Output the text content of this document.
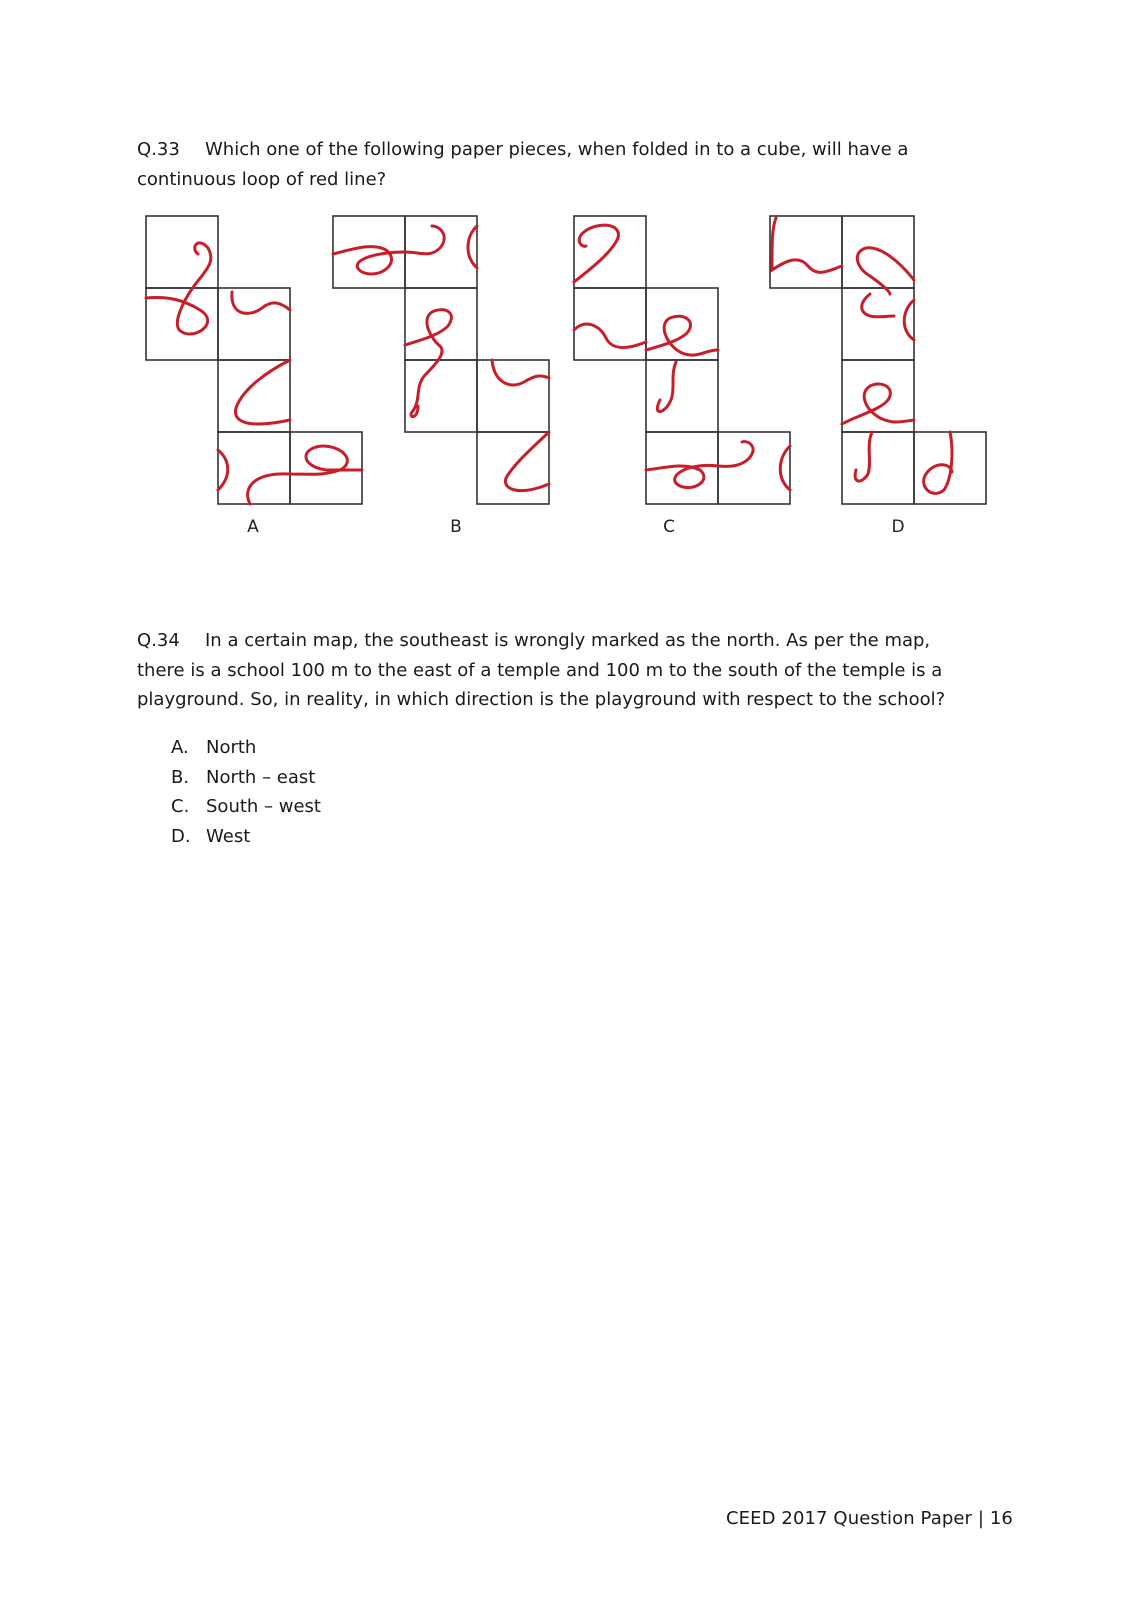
Q.33 Which one of the following paper pieces, when folded in to a cube, will have a continuous loop of red line?
A	B	C	D
Q.34 In a certain map, the southeast is wrongly marked as the north. As per the map, there is a school 100 m to the east of a temple and 100 m to the south of the temple is a playground. So, in reality, in which direction is the playground with respect to the school?
A. North
B. North – east
C. South – west
D. West
CEED 2017 Question Paper | 16
